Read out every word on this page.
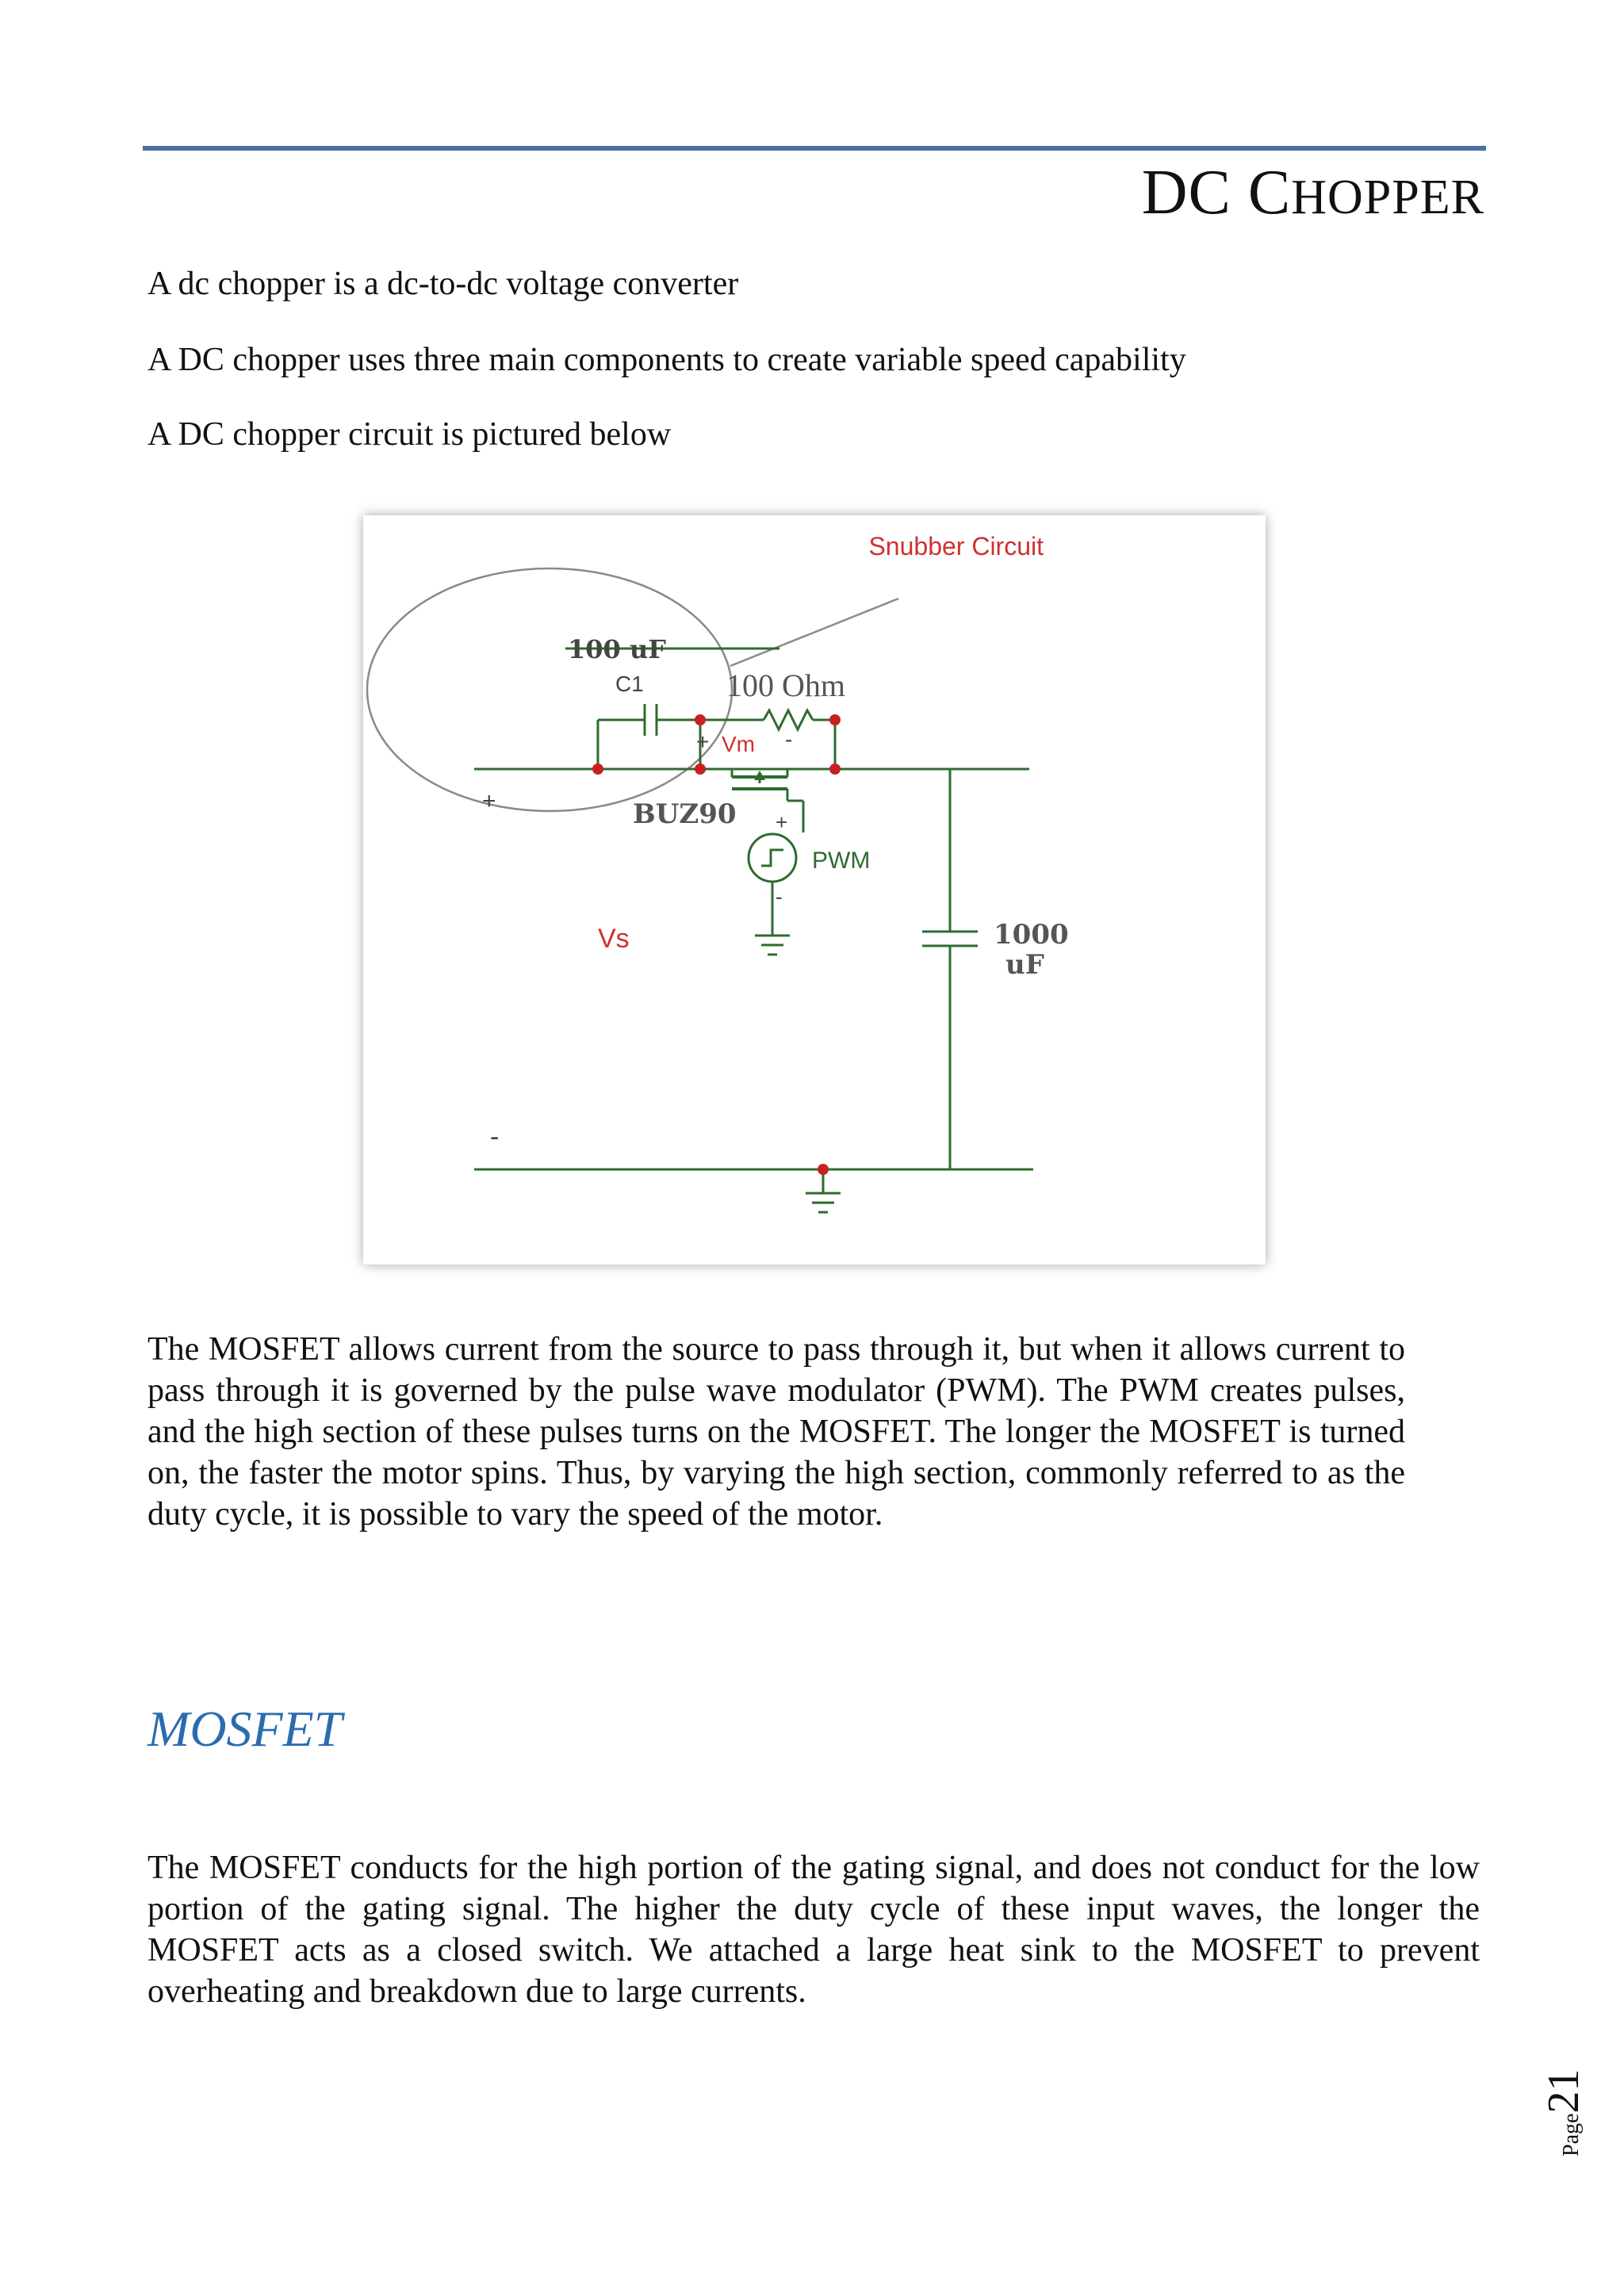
DC CHOPPER

A dc chopper is a dc-to-dc voltage converter

A DC chopper uses three main components to create variable speed capability

A DC chopper circuit is pictured below

Snubber Circuit
100 uF
C1	100 Ohm
+ Vm -
BUZ90 +
PWM
-
+
Vs
-
1000
uF

The MOSFET allows current from the source to pass through it, but when it allows current to pass through it is governed by the pulse wave modulator (PWM). The PWM creates pulses, and the high section of these pulses turns on the MOSFET. The longer the MOSFET is turned on, the faster the motor spins. Thus, by varying the high section, commonly referred to as the duty cycle, it is possible to vary the speed of the motor.

MOSFET

The MOSFET conducts for the high portion of the gating signal, and does not conduct for the low portion of the gating signal. The higher the duty cycle of these input waves, the longer the MOSFET acts as a closed switch. We attached a large heat sink to the MOSFET to prevent overheating and breakdown due to large currents.

Page21
